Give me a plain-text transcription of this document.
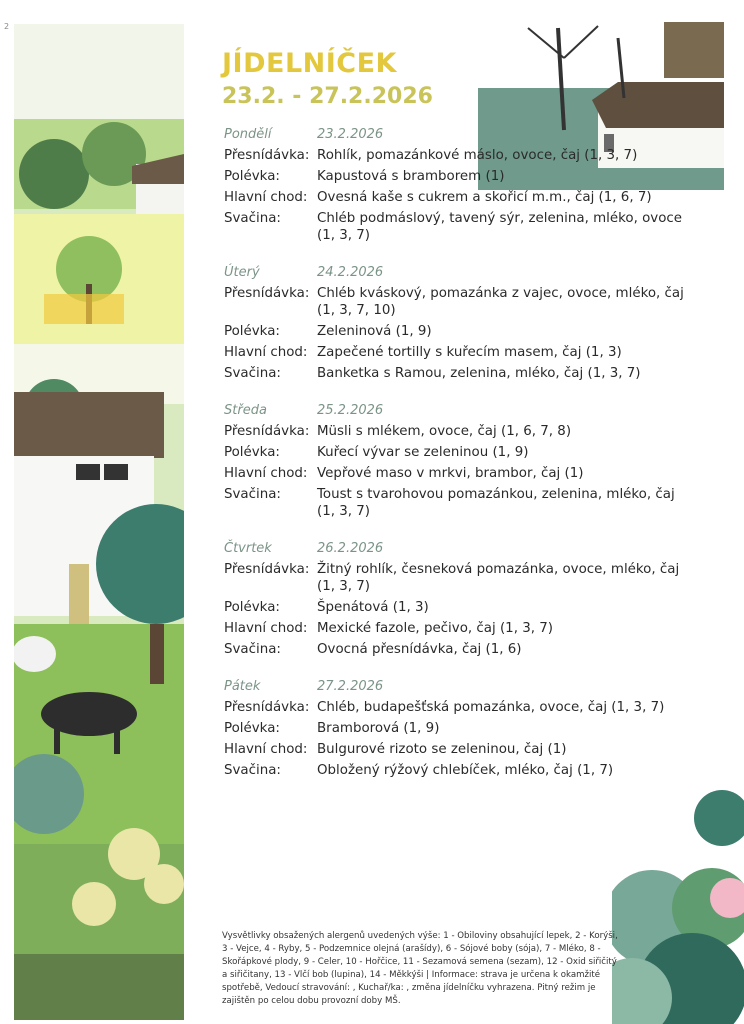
2
JÍDELNÍČEK
23.2. - 27.2.2026
Pondělí	23.2.2026
Přesnídávka: Rohlík, pomazánkové máslo, ovoce, čaj (1, 3, 7)
Polévka:	Kapustová s bramborem (1)
Hlavní chod: Ovesná kaše s cukrem a skořicí m.m., čaj (1, 6, 7)
Svačina:	Chléb podmáslový, tavený sýr, zelenina, mléko, ovoce (1, 3, 7)
Úterý	24.2.2026
Přesnídávka: Chléb kváskový, pomazánka z vajec, ovoce, mléko, čaj (1, 3, 7, 10)
Polévka:	Zeleninová (1, 9)
Hlavní chod: Zapečené tortilly s kuřecím masem, čaj (1, 3)
Svačina:	Banketka s Ramou, zelenina, mléko, čaj (1, 3, 7)
Středa	25.2.2026
Přesnídávka: Müsli s mlékem, ovoce, čaj (1, 6, 7, 8)
Polévka:	Kuřecí vývar se zeleninou (1, 9)
Hlavní chod: Vepřové maso v mrkvi, brambor, čaj (1)
Svačina:	Toust s tvarohovou pomazánkou, zelenina, mléko, čaj (1, 3, 7)
Čtvrtek	26.2.2026
Přesnídávka: Žitný rohlík, česneková pomazánka, ovoce, mléko, čaj (1, 3, 7)
Polévka:	Špenátová (1, 3)
Hlavní chod: Mexické fazole, pečivo, čaj (1, 3, 7)
Svačina:	Ovocná přesnídávka, čaj (1, 6)
Pátek	27.2.2026
Přesnídávka: Chléb, budapešťská pomazánka, ovoce, čaj (1, 3, 7)
Polévka:	Bramborová (1, 9)
Hlavní chod: Bulgurové rizoto se zeleninou, čaj (1)
Svačina:	Obložený rýžový chlebíček, mléko, čaj (1, 7)
Vysvětlivky obsažených alergenů uvedených výše: 1 - Obiloviny obsahující lepek, 2 - Korýši, 3 - Vejce, 4 - Ryby, 5 - Podzemnice olejná (arašídy), 6 - Sójové boby (sója), 7 - Mléko, 8 - Skořápkové plody, 9 - Celer, 10 - Hořčice, 11 - Sezamová semena (sezam), 12 - Oxid siřičitý a siřičitany, 13 - Vlčí bob (lupina), 14 - Měkkýši | Informace: strava je určena k okamžité spotřebě, Vedoucí stravování: , Kuchař/ka: , změna jídelníčku vyhrazena. Pitný režim je zajištěn po celou dobu provozní doby MŠ.
